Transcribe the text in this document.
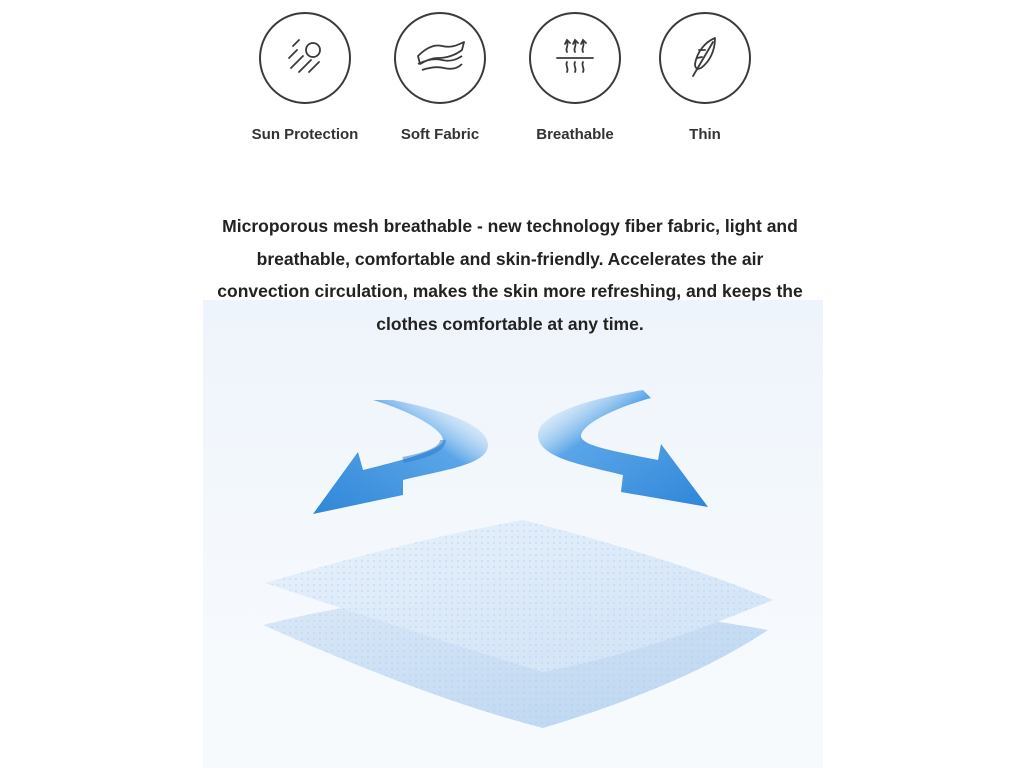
Sun Protection	Soft Fabric	Breathable	Thin
Microporous mesh breathable - new technology fiber fabric, light and breathable, comfortable and skin-friendly. Accelerates the air convection circulation, makes the skin more refreshing, and keeps the clothes comfortable at any time.
